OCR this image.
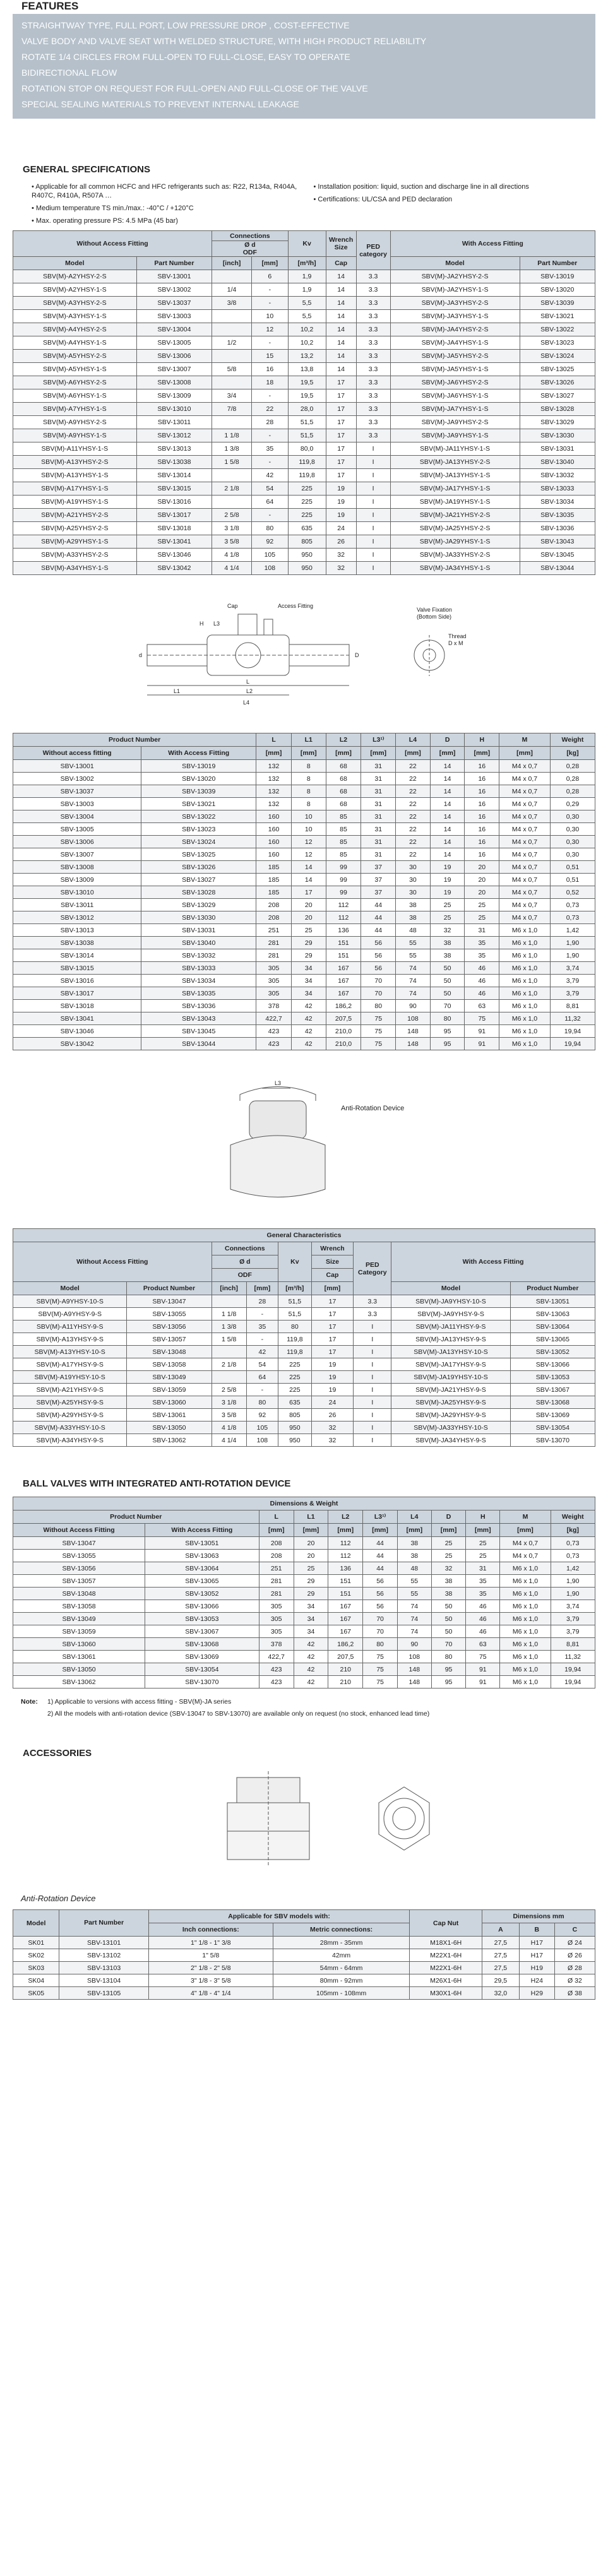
FEATURES
STRAIGHTWAY TYPE, FULL PORT, LOW PRESSURE DROP , COST-EFFECTIVE
VALVE BODY AND VALVE SEAT WITH WELDED STRUCTURE, WITH HIGH PRODUCT RELIABILITY
ROTATE 1/4 CIRCLES FROM FULL-OPEN TO FULL-CLOSE, EASY TO OPERATE
BIDIRECTIONAL FLOW
ROTATION STOP ON REQUEST FOR FULL-OPEN AND FULL-CLOSE OF THE VALVE
SPECIAL SEALING MATERIALS TO PREVENT INTERNAL LEAKAGE
GENERAL SPECIFICATIONS
• Applicable for all common HCFC and HFC refrigerants such as: R22, R134a, R404A, R407C, R410A, R507A …
• Medium temperature TS min./max.: -40°C / +120°C
• Max. operating pressure PS: 4.5 MPa (45 bar)
• Installation position: liquid, suction and discharge line in all directions
• Certifications: UL/CSA and PED declaration
Without Access Fitting		Connections		Kv	Wrench Size	PED category	With Access Fitting	
		Ø d
ODF						
Model	Part Number	[inch]	[mm]	[m³/h]	Cap		Model	Part Number
SBV(M)-A2YHSY-2-S	SBV-13001		6	1,9	14	3.3	SBV(M)-JA2YHSY-2-S	SBV-13019
SBV(M)-A2YHSY-1-S	SBV-13002	1/4	-	1,9	14	3.3	SBV(M)-JA2YHSY-1-S	SBV-13020
SBV(M)-A3YHSY-2-S	SBV-13037	3/8	-	5,5	14	3.3	SBV(M)-JA3YHSY-2-S	SBV-13039
SBV(M)-A3YHSY-1-S	SBV-13003		10	5,5	14	3.3	SBV(M)-JA3YHSY-1-S	SBV-13021
SBV(M)-A4YHSY-2-S	SBV-13004		12	10,2	14	3.3	SBV(M)-JA4YHSY-2-S	SBV-13022
SBV(M)-A4YHSY-1-S	SBV-13005	1/2	-	10,2	14	3.3	SBV(M)-JA4YHSY-1-S	SBV-13023
SBV(M)-A5YHSY-2-S	SBV-13006		15	13,2	14	3.3	SBV(M)-JA5YHSY-2-S	SBV-13024
SBV(M)-A5YHSY-1-S	SBV-13007	5/8	16	13,8	14	3.3	SBV(M)-JA5YHSY-1-S	SBV-13025
SBV(M)-A6YHSY-2-S	SBV-13008		18	19,5	17	3.3	SBV(M)-JA6YHSY-2-S	SBV-13026
SBV(M)-A6YHSY-1-S	SBV-13009	3/4	-	19,5	17	3.3	SBV(M)-JA6YHSY-1-S	SBV-13027
SBV(M)-A7YHSY-1-S	SBV-13010	7/8	22	28,0	17	3.3	SBV(M)-JA7YHSY-1-S	SBV-13028
SBV(M)-A9YHSY-2-S	SBV-13011		28	51,5	17	3.3	SBV(M)-JA9YHSY-2-S	SBV-13029
SBV(M)-A9YHSY-1-S	SBV-13012	1 1/8	-	51,5	17	3.3	SBV(M)-JA9YHSY-1-S	SBV-13030
SBV(M)-A11YHSY-1-S	SBV-13013	1 3/8	35	80,0	17	I	SBV(M)-JA11YHSY-1-S	SBV-13031
SBV(M)-A13YHSY-2-S	SBV-13038	1 5/8	-	119,8	17	I	SBV(M)-JA13YHSY-2-S	SBV-13040
SBV(M)-A13YHSY-1-S	SBV-13014		42	119,8	17	I	SBV(M)-JA13YHSY-1-S	SBV-13032
SBV(M)-A17YHSY-1-S	SBV-13015	2 1/8	54	225	19	I	SBV(M)-JA17YHSY-1-S	SBV-13033
SBV(M)-A19YHSY-1-S	SBV-13016		64	225	19	I	SBV(M)-JA19YHSY-1-S	SBV-13034
SBV(M)-A21YHSY-2-S	SBV-13017	2 5/8	-	225	19	I	SBV(M)-JA21YHSY-2-S	SBV-13035
SBV(M)-A25YHSY-2-S	SBV-13018	3 1/8	80	635	24	I	SBV(M)-JA25YHSY-2-S	SBV-13036
SBV(M)-A29YHSY-1-S	SBV-13041	3 5/8	92	805	26	I	SBV(M)-JA29YHSY-1-S	SBV-13043
SBV(M)-A33YHSY-2-S	SBV-13046	4 1/8	105	950	32	I	SBV(M)-JA33YHSY-2-S	SBV-13045
SBV(M)-A34YHSY-1-S	SBV-13042	4 1/4	108	950	32	I	SBV(M)-JA34YHSY-1-S	SBV-13044
Cap	Access Fitting
Valve Fixation
(Bottom Side)
Thread
D x M
L
L1	L2
L3
L4
D
H
d
Product Number		L	L1	L2	L3¹⁾	L4	D	H	M	Weight
Without access fitting	With Access Fitting									
		[mm]	[mm]	[mm]	[mm]	[mm]	[mm]	[mm]	[mm]	[kg]
SBV-13001	SBV-13019	132	8	68	31	22	14	16	M4 x 0,7	0,28
SBV-13002	SBV-13020	132	8	68	31	22	14	16	M4 x 0,7	0,28
SBV-13037	SBV-13039	132	8	68	31	22	14	16	M4 x 0,7	0,28
SBV-13003	SBV-13021	132	8	68	31	22	14	16	M4 x 0,7	0,29
SBV-13004	SBV-13022	160	10	85	31	22	14	16	M4 x 0,7	0,30
SBV-13005	SBV-13023	160	10	85	31	22	14	16	M4 x 0,7	0,30
SBV-13006	SBV-13024	160	12	85	31	22	14	16	M4 x 0,7	0,30
SBV-13007	SBV-13025	160	12	85	31	22	14	16	M4 x 0,7	0,30
SBV-13008	SBV-13026	185	14	99	37	30	19	20	M4 x 0,7	0,51
SBV-13009	SBV-13027	185	14	99	37	30	19	20	M4 x 0,7	0,51
SBV-13010	SBV-13028	185	17	99	37	30	19	20	M4 x 0,7	0,52
SBV-13011	SBV-13029	208	20	112	44	38	25	25	M4 x 0,7	0,73
SBV-13012	SBV-13030	208	20	112	44	38	25	25	M4 x 0,7	0,73
SBV-13013	SBV-13031	251	25	136	44	48	32	31	M6 x 1,0	1,42
SBV-13038	SBV-13040	281	29	151	56	55	38	35	M6 x 1,0	1,90
SBV-13014	SBV-13032	281	29	151	56	55	38	35	M6 x 1,0	1,90
SBV-13015	SBV-13033	305	34	167	56	74	50	46	M6 x 1,0	3,74
SBV-13016	SBV-13034	305	34	167	70	74	50	46	M6 x 1,0	3,79
SBV-13017	SBV-13035	305	34	167	70	74	50	46	M6 x 1,0	3,79
SBV-13018	SBV-13036	378	42	186,2	80	90	70	63	M6 x 1,0	8,81
SBV-13041	SBV-13043	422,7	42	207,5	75	108	80	75	M6 x 1,0	11,32
SBV-13046	SBV-13045	423	42	210,0	75	148	95	91	M6 x 1,0	19,94
SBV-13042	SBV-13044	423	42	210,0	75	148	95	91	M6 x 1,0	19,94
L3
Anti-Rotation Device
General Characteristics								
Without Access Fitting		Connections		Kv	Wrench	PED Category	With Access Fitting	
		Ø d			Size			
		ODF			Cap			
Model	Product Number	[inch]	[mm]	[m³/h]	[mm]		Model	Product Number
SBV(M)-A9YHSY-10-S	SBV-13047		28	51,5	17	3.3	SBV(M)-JA9YHSY-10-S	SBV-13051
SBV(M)-A9YHSY-9-S	SBV-13055	1 1/8	-	51,5	17	3.3	SBV(M)-JA9YHSY-9-S	SBV-13063
SBV(M)-A11YHSY-9-S	SBV-13056	1 3/8	35	80	17	I	SBV(M)-JA11YHSY-9-S	SBV-13064
SBV(M)-A13YHSY-9-S	SBV-13057	1 5/8	-	119,8	17	I	SBV(M)-JA13YHSY-9-S	SBV-13065
SBV(M)-A13YHSY-10-S	SBV-13048		42	119,8	17	I	SBV(M)-JA13YHSY-10-S	SBV-13052
SBV(M)-A17YHSY-9-S	SBV-13058	2 1/8	54	225	19	I	SBV(M)-JA17YHSY-9-S	SBV-13066
SBV(M)-A19YHSY-10-S	SBV-13049		64	225	19	I	SBV(M)-JA19YHSY-10-S	SBV-13053
SBV(M)-A21YHSY-9-S	SBV-13059	2 5/8	-	225	19	I	SBV(M)-JA21YHSY-9-S	SBV-13067
SBV(M)-A25YHSY-9-S	SBV-13060	3 1/8	80	635	24	I	SBV(M)-JA25YHSY-9-S	SBV-13068
SBV(M)-A29YHSY-9-S	SBV-13061	3 5/8	92	805	26	I	SBV(M)-JA29YHSY-9-S	SBV-13069
SBV(M)-A33YHSY-10-S	SBV-13050	4 1/8	105	950	32	I	SBV(M)-JA33YHSY-10-S	SBV-13054
SBV(M)-A34YHSY-9-S	SBV-13062	4 1/4	108	950	32	I	SBV(M)-JA34YHSY-9-S	SBV-13070
BALL VALVES WITH INTEGRATED ANTI-ROTATION DEVICE
Dimensions & Weight										
Product Number		L	L1	L2	L3¹⁾	L4	D	H	M	Weight
Without Access Fitting	With Access Fitting									
		[mm]	[mm]	[mm]	[mm]	[mm]	[mm]	[mm]	[mm]	[kg]
SBV-13047	SBV-13051	208	20	112	44	38	25	25	M4 x 0,7	0,73
SBV-13055	SBV-13063	208	20	112	44	38	25	25	M4 x 0,7	0,73
SBV-13056	SBV-13064	251	25	136	44	48	32	31	M6 x 1,0	1,42
SBV-13057	SBV-13065	281	29	151	56	55	38	35	M6 x 1,0	1,90
SBV-13048	SBV-13052	281	29	151	56	55	38	35	M6 x 1,0	1,90
SBV-13058	SBV-13066	305	34	167	56	74	50	46	M6 x 1,0	3,74
SBV-13049	SBV-13053	305	34	167	70	74	50	46	M6 x 1,0	3,79
SBV-13059	SBV-13067	305	34	167	70	74	50	46	M6 x 1,0	3,79
SBV-13060	SBV-13068	378	42	186,2	80	90	70	63	M6 x 1,0	8,81
SBV-13061	SBV-13069	422,7	42	207,5	75	108	80	75	M6 x 1,0	11,32
SBV-13050	SBV-13054	423	42	210	75	148	95	91	M6 x 1,0	19,94
SBV-13062	SBV-13070	423	42	210	75	148	95	91	M6 x 1,0	19,94
Note:	1) Applicable to versions with access fitting - SBV(M)-JA series
2) All the models with anti-rotation device (SBV-13047 to SBV-13070) are available only on request (no stock, enhanced lead time)
ACCESSORIES
Anti-Rotation Device
Model	Part Number	Applicable for SBV models with:		Cap Nut	Dimensions mm		
		Inch connections:	Metric connections:		A	B	C
SK01	SBV-13101	1" 1/8 - 1" 3/8	28mm - 35mm	M18X1-6H	27,5	H17	Ø 24
SK02	SBV-13102	1" 5/8	42mm	M22X1-6H	27,5	H17	Ø 26
SK03	SBV-13103	2" 1/8 - 2" 5/8	54mm - 64mm	M22X1-6H	27,5	H19	Ø 28
SK04	SBV-13104	3" 1/8 - 3" 5/8	80mm - 92mm	M26X1-6H	29,5	H24	Ø 32
SK05	SBV-13105	4" 1/8 - 4" 1/4	105mm - 108mm	M30X1-6H	32,0	H29	Ø 38
